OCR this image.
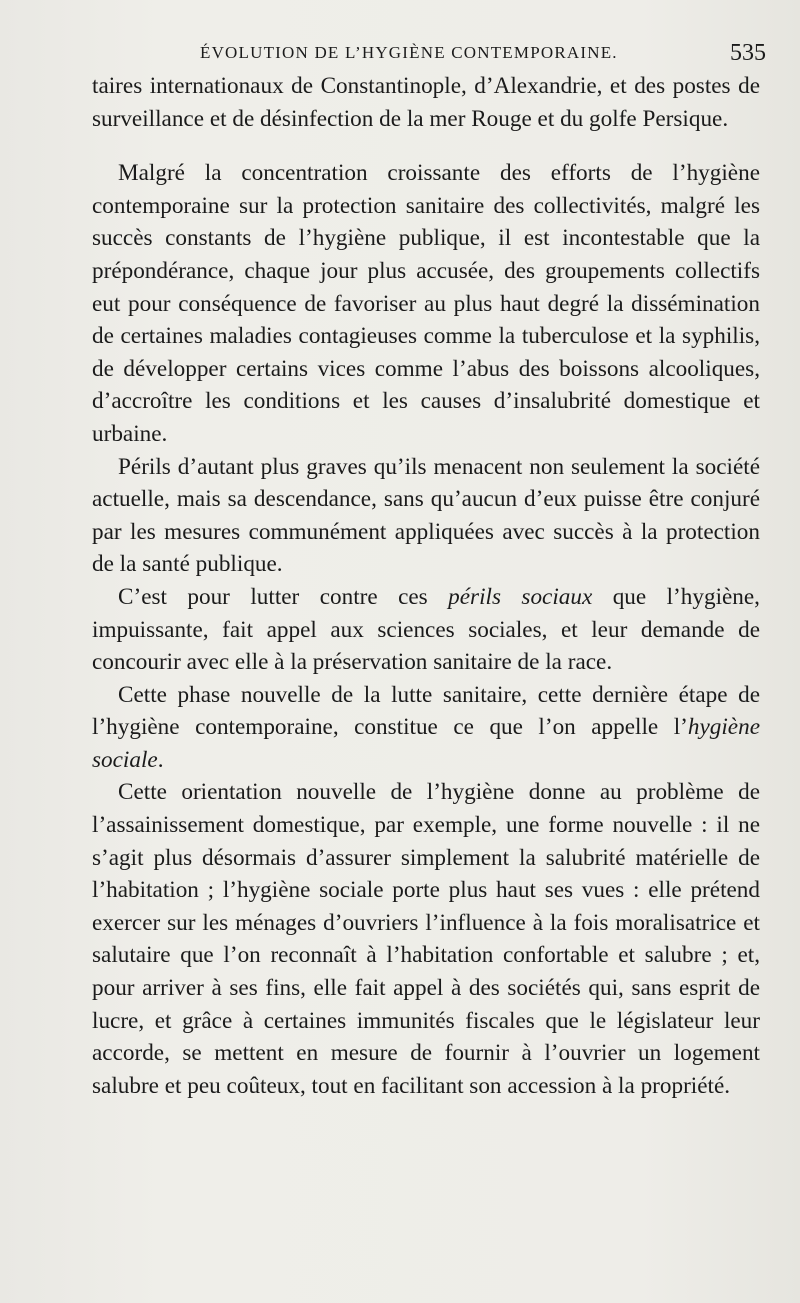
ÉVOLUTION DE L’HYGIÈNE CONTEMPORAINE.	535

taires internationaux de Constantinople, d’Alexandrie, et des postes de surveillance et de désinfection de la mer Rouge et du golfe Persique.

Malgré la concentration croissante des efforts de l’hygiène contemporaine sur la protection sanitaire des collectivités, malgré les succès constants de l’hygiène publique, il est incontestable que la prépondérance, chaque jour plus accusée, des groupements collectifs eut pour conséquence de favoriser au plus haut degré la dissémination de certaines maladies contagieuses comme la tuberculose et la syphilis, de développer certains vices comme l’abus des boissons alcooliques, d’accroître les conditions et les causes d’insalubrité domestique et urbaine.

Périls d’autant plus graves qu’ils menacent non seulement la société actuelle, mais sa descendance, sans qu’aucun d’eux puisse être conjuré par les mesures communément appliquées avec succès à la protection de la santé publique.

C’est pour lutter contre ces périls sociaux que l’hygiène, impuissante, fait appel aux sciences sociales, et leur demande de concourir avec elle à la préservation sanitaire de la race.

Cette phase nouvelle de la lutte sanitaire, cette dernière étape de l’hygiène contemporaine, constitue ce que l’on appelle l’hygiène sociale.

Cette orientation nouvelle de l’hygiène donne au problème de l’assainissement domestique, par exemple, une forme nouvelle : il ne s’agit plus désormais d’assurer simplement la salubrité matérielle de l’habitation ; l’hygiène sociale porte plus haut ses vues : elle prétend exercer sur les ménages d’ouvriers l’influence à la fois moralisatrice et salutaire que l’on reconnaît à l’habitation confortable et salubre ; et, pour arriver à ses fins, elle fait appel à des sociétés qui, sans esprit de lucre, et grâce à certaines immunités fiscales que le législateur leur accorde, se mettent en mesure de fournir à l’ouvrier un logement salubre et peu coûteux, tout en facilitant son accession à la propriété.
